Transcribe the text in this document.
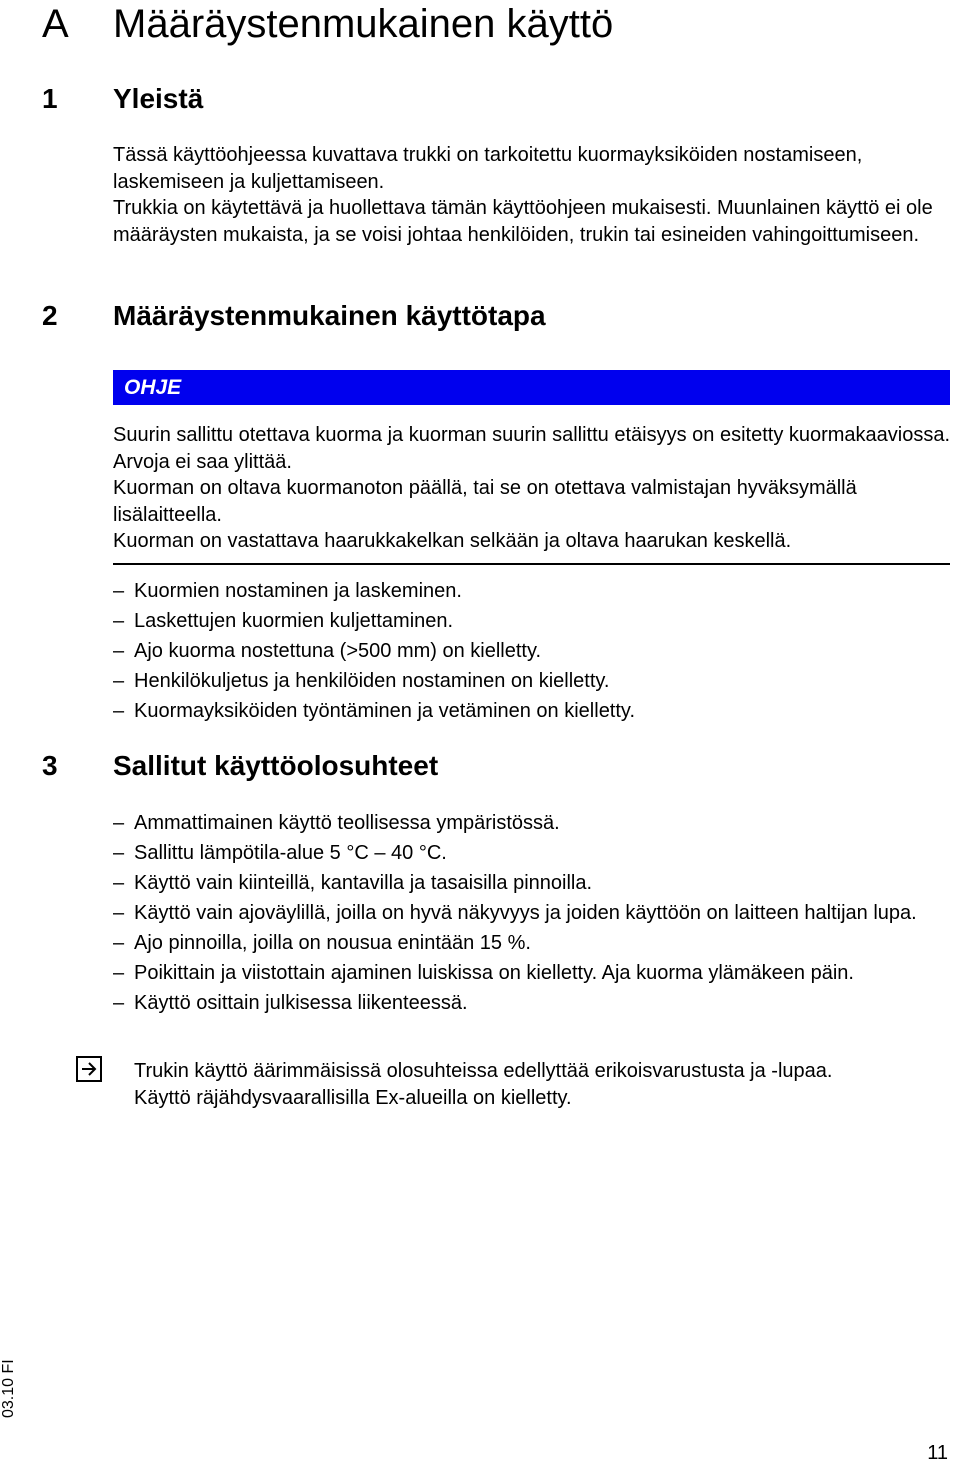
A Määräystenmukainen käyttö
1 Yleistä

Tässä käyttöohjeessa kuvattava trukki on tarkoitettu kuormayksiköiden nostamiseen, laskemiseen ja kuljettamiseen.

Trukkia on käytettävä ja huollettava tämän käyttöohjeen mukaisesti. Muunlainen käyttö ei ole määräysten mukaista, ja se voisi johtaa henkilöiden, trukin tai esineiden vahingoittumiseen.

2 Määräystenmukainen käyttötapa
OHJE

Suurin sallittu otettava kuorma ja kuorman suurin sallittu etäisyys on esitetty kuormakaaviossa. Arvoja ei saa ylittää.

Kuorman on oltava kuormanoton päällä, tai se on otettava valmistajan hyväksymällä lisälaitteella.

Kuorman on vastattava haarukkakelkan selkään ja oltava haarukan keskellä.

– Kuormien nostaminen ja laskeminen.
– Laskettujen kuormien kuljettaminen.
– Ajo kuorma nostettuna (>500 mm) on kielletty.
– Henkilökuljetus ja henkilöiden nostaminen on kielletty.
– Kuormayksiköiden työntäminen ja vetäminen on kielletty.
3 Sallitut käyttöolosuhteet
– Ammattimainen käyttö teollisessa ympäristössä.
– Sallittu lämpötila-alue 5 °C – 40 °C.
– Käyttö vain kiinteillä, kantavilla ja tasaisilla pinnoilla.
– Käyttö vain ajoväylillä, joilla on hyvä näkyvyys ja joiden käyttöön on laitteen haltijan lupa.
– Ajo pinnoilla, joilla on nousua enintään 15 %.
– Poikittain ja viistottain ajaminen luiskissa on kielletty. Aja kuorma ylämäkeen päin.
– Käyttö osittain julkisessa liikenteessä.

Trukin käyttö äärimmäisissä olosuhteissa edellyttää erikoisvarustusta ja -lupaa.

Käyttö räjähdysvaarallisilla Ex-alueilla on kielletty.

03.10 FI
11
